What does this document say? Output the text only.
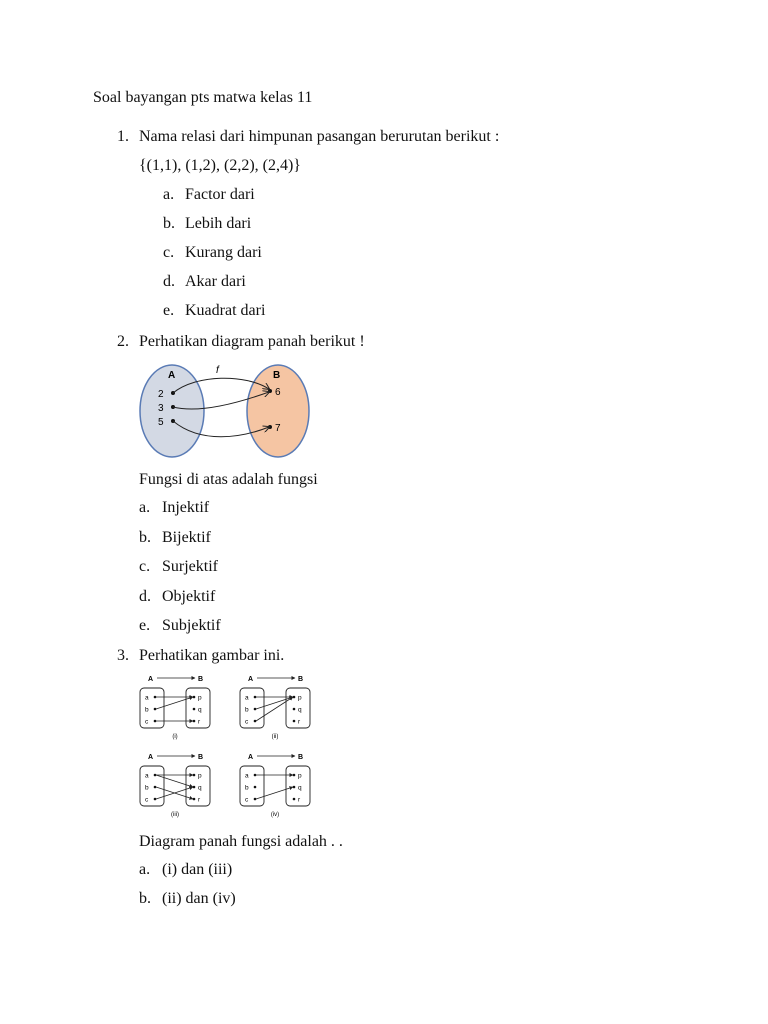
Soal bayangan pts matwa kelas 11
1. Nama relasi dari himpunan pasangan berurutan berikut :
{(1,1), (1,2), (2,2), (2,4)}
a. Factor dari
b. Lebih dari
c. Kurang dari
d. Akar dari
e. Kuadrat dari
2. Perhatikan diagram panah berikut !
A	B
f
2
3
5
6
7
Fungsi di atas adalah fungsi
a. Injektif
b. Bijektif
c. Surjektif
d. Objektif
e. Subjektif
3. Perhatikan gambar ini.
A	B
a
b
c
p
q
r
(i)
A	B
a
b
c
p
q
r
(ii)
A	B
a
b
c
p
q
r
(iii)
A	B
a
b
c
p
q
r
(iv)
Diagram panah fungsi adalah . .
a. (i) dan (iii)
b. (ii) dan (iv)
